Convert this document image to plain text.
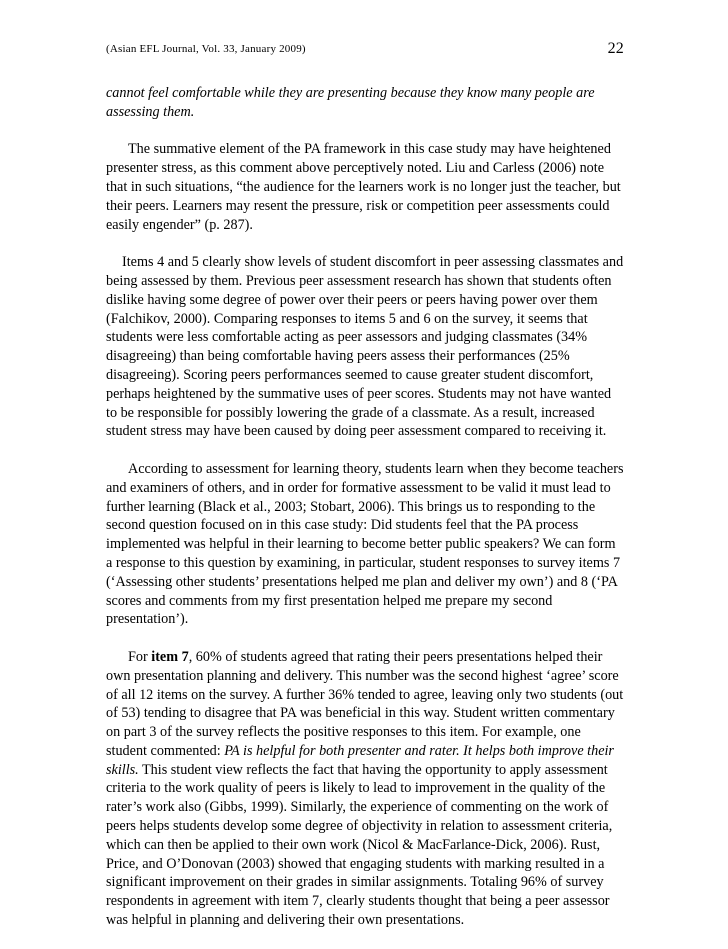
(Asian EFL Journal, Vol. 33, January 2009)	22

cannot feel comfortable while they are presenting because they know many people are assessing them.

The summative element of the PA framework in this case study may have heightened presenter stress, as this comment above perceptively noted. Liu and Carless (2006) note that in such situations, “the audience for the learners work is no longer just the teacher, but their peers. Learners may resent the pressure, risk or competition peer assessments could easily engender” (p. 287).

Items 4 and 5 clearly show levels of student discomfort in peer assessing classmates and being assessed by them. Previous peer assessment research has shown that students often dislike having some degree of power over their peers or peers having power over them (Falchikov, 2000). Comparing responses to items 5 and 6 on the survey, it seems that students were less comfortable acting as peer assessors and judging classmates (34% disagreeing) than being comfortable having peers assess their performances (25% disagreeing). Scoring peers performances seemed to cause greater student discomfort, perhaps heightened by the summative uses of peer scores. Students may not have wanted to be responsible for possibly lowering the grade of a classmate. As a result, increased student stress may have been caused by doing peer assessment compared to receiving it.

According to assessment for learning theory, students learn when they become teachers and examiners of others, and in order for formative assessment to be valid it must lead to further learning (Black et al., 2003; Stobart, 2006). This brings us to responding to the second question focused on in this case study: Did students feel that the PA process implemented was helpful in their learning to become better public speakers? We can form a response to this question by examining, in particular, student responses to survey items 7 (‘Assessing other students’ presentations helped me plan and deliver my own’) and 8 (‘PA scores and comments from my first presentation helped me prepare my second presentation’).

For item 7, 60% of students agreed that rating their peers presentations helped their own presentation planning and delivery. This number was the second highest ‘agree’ score of all 12 items on the survey. A further 36% tended to agree, leaving only two students (out of 53) tending to disagree that PA was beneficial in this way. Student written commentary on part 3 of the survey reflects the positive responses to this item. For example, one student commented: PA is helpful for both presenter and rater. It helps both improve their skills. This student view reflects the fact that having the opportunity to apply assessment criteria to the work quality of peers is likely to lead to improvement in the quality of the rater’s work also (Gibbs, 1999). Similarly, the experience of commenting on the work of peers helps students develop some degree of objectivity in relation to assessment criteria, which can then be applied to their own work (Nicol & MacFarlance-Dick, 2006). Rust, Price, and O’Donovan (2003) showed that engaging students with marking resulted in a significant improvement on their grades in similar assignments. Totaling 96% of survey respondents in agreement with item 7, clearly students thought that being a peer assessor was helpful in planning and delivering their own presentations.
